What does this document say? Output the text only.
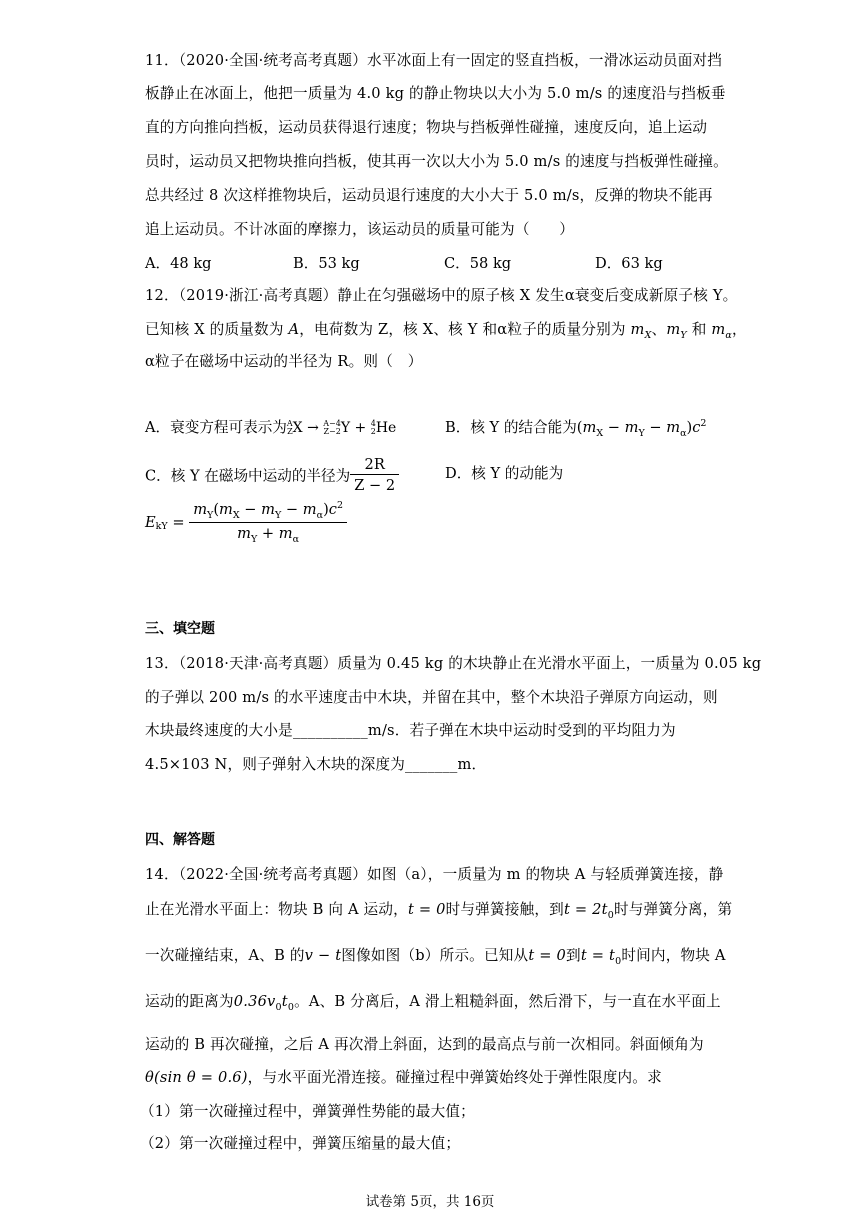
11．（2020·全国·统考高考真题）水平冰面上有一固定的竖直挡板，一滑冰运动员面对挡
板静止在冰面上，他把一质量为 4.0 kg 的静止物块以大小为 5.0 m/s 的速度沿与挡板垂
直的方向推向挡板，运动员获得退行速度；物块与挡板弹性碰撞，速度反向，追上运动
员时，运动员又把物块推向挡板，使其再一次以大小为 5.0 m/s 的速度与挡板弹性碰撞。
总共经过 8 次这样推物块后，运动员退行速度的大小大于 5.0 m/s，反弹的物块不能再
追上运动员。不计冰面的摩擦力，该运动员的质量可能为（　　）
A．48 kg	B．53 kg	C．58 kg	D．63 kg
12．（2019·浙江·高考真题）静止在匀强磁场中的原子核 X 发生α衰变后变成新原子核 Y。
已知核 X 的质量数为 A，电荷数为 Z，核 X、核 Y 和α粒子的质量分别为 $m_X$、$m_Y$ 和 $m_\alpha$，
α粒子在磁场中运动的半径为 R。则（　）
A．衰变方程可表示为A
ZX → A−4
Z−2Y + 4
2He	B．核 Y 的结合能为$(m_X - m_Y - m_\alpha)c^2$
C．核 Y 在磁场中运动的半径为 $\frac{2R}{Z - 2}$	D．核 Y 的动能为
$E_{kY} = \frac{m_Y(m_X - m_Y - m_\alpha)c^2}{m_Y + m_\alpha}$
三、填空题
13．（2018·天津·高考真题）质量为 0.45 kg 的木块静止在光滑水平面上，一质量为 0.05 kg
的子弹以 200 m/s 的水平速度击中木块，并留在其中，整个木块沿子弹原方向运动，则
木块最终速度的大小是__________m/s．若子弹在木块中运动时受到的平均阻力为
4.5×103 N，则子弹射入木块的深度为_______m．
四、解答题
14．（2022·全国·统考高考真题）如图（a），一质量为 m 的物块 A 与轻质弹簧连接，静
止在光滑水平面上：物块 B 向 A 运动，t = 0时与弹簧接触，到$t = 2t_0$时与弹簧分离，第
一次碰撞结束，A、B 的v − t图像如图（b）所示。已知从t = 0到$t = t_0$时间内，物块 A
运动的距离为$0.36v_0t_0$。A、B 分离后，A 滑上粗糙斜面，然后滑下，与一直在水平面上
运动的 B 再次碰撞，之后 A 再次滑上斜面，达到的最高点与前一次相同。斜面倾角为
θ(sin θ = 0.6)，与水平面光滑连接。碰撞过程中弹簧始终处于弹性限度内。求
（1）第一次碰撞过程中，弹簧弹性势能的最大值；
（2）第一次碰撞过程中，弹簧压缩量的最大值；
试卷第 5页，共 16页
